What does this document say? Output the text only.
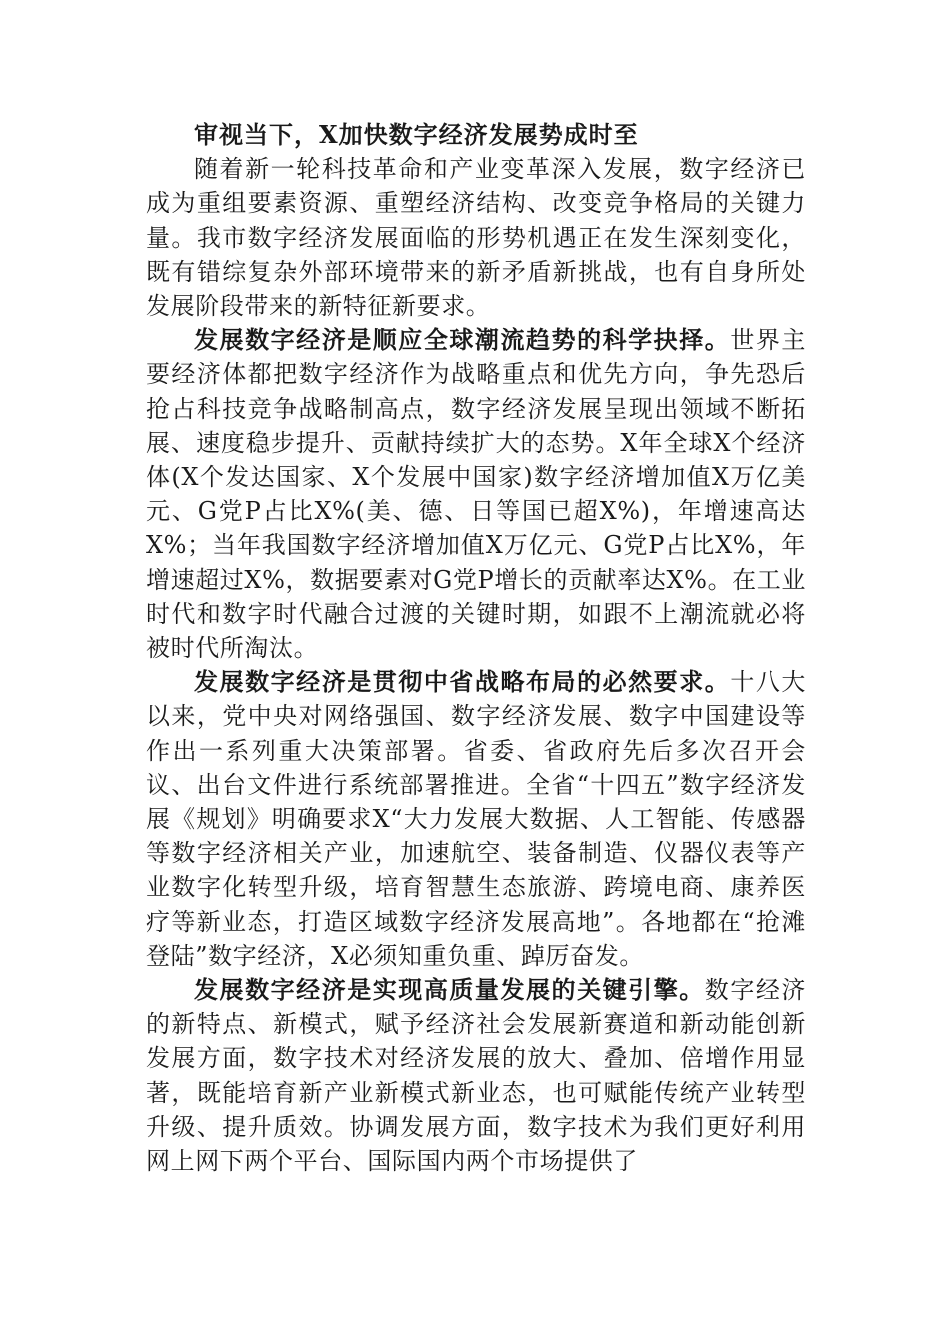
审视当下，X加快数字经济发展势成时至

随着新一轮科技革命和产业变革深入发展，数字经济已成为重组要素资源、重塑经济结构、改变竞争格局的关键力量。我市数字经济发展面临的形势机遇正在发生深刻变化，既有错综复杂外部环境带来的新矛盾新挑战，也有自身所处发展阶段带来的新特征新要求。

发展数字经济是顺应全球潮流趋势的科学抉择。世界主要经济体都把数字经济作为战略重点和优先方向，争先恐后抢占科技竞争战略制高点，数字经济发展呈现出领域不断拓展、速度稳步提升、贡献持续扩大的态势。X年全球X个经济体(X个发达国家、X个发展中国家)数字经济增加值X万亿美元、G党P占比X%(美、德、日等国已超X%)，年增速高达X%；当年我国数字经济增加值X万亿元、G党P占比X%，年增速超过X%，数据要素对G党P增长的贡献率达X%。在工业时代和数字时代融合过渡的关键时期，如跟不上潮流就必将被时代所淘汰。

发展数字经济是贯彻中省战略布局的必然要求。十八大以来，党中央对网络强国、数字经济发展、数字中国建设等作出一系列重大决策部署。省委、省政府先后多次召开会议、出台文件进行系统部署推进。全省“十四五”数字经济发展《规划》明确要求X“大力发展大数据、人工智能、传感器等数字经济相关产业，加速航空、装备制造、仪器仪表等产业数字化转型升级，培育智慧生态旅游、跨境电商、康养医疗等新业态，打造区域数字经济发展高地”。各地都在“抢滩登陆”数字经济，X必须知重负重、踔厉奋发。

发展数字经济是实现高质量发展的关键引擎。数字经济的新特点、新模式，赋予经济社会发展新赛道和新动能创新发展方面，数字技术对经济发展的放大、叠加、倍增作用显著，既能培育新产业新模式新业态，也可赋能传统产业转型升级、提升质效。协调发展方面，数字技术为我们更好利用网上网下两个平台、国际国内两个市场提供了
